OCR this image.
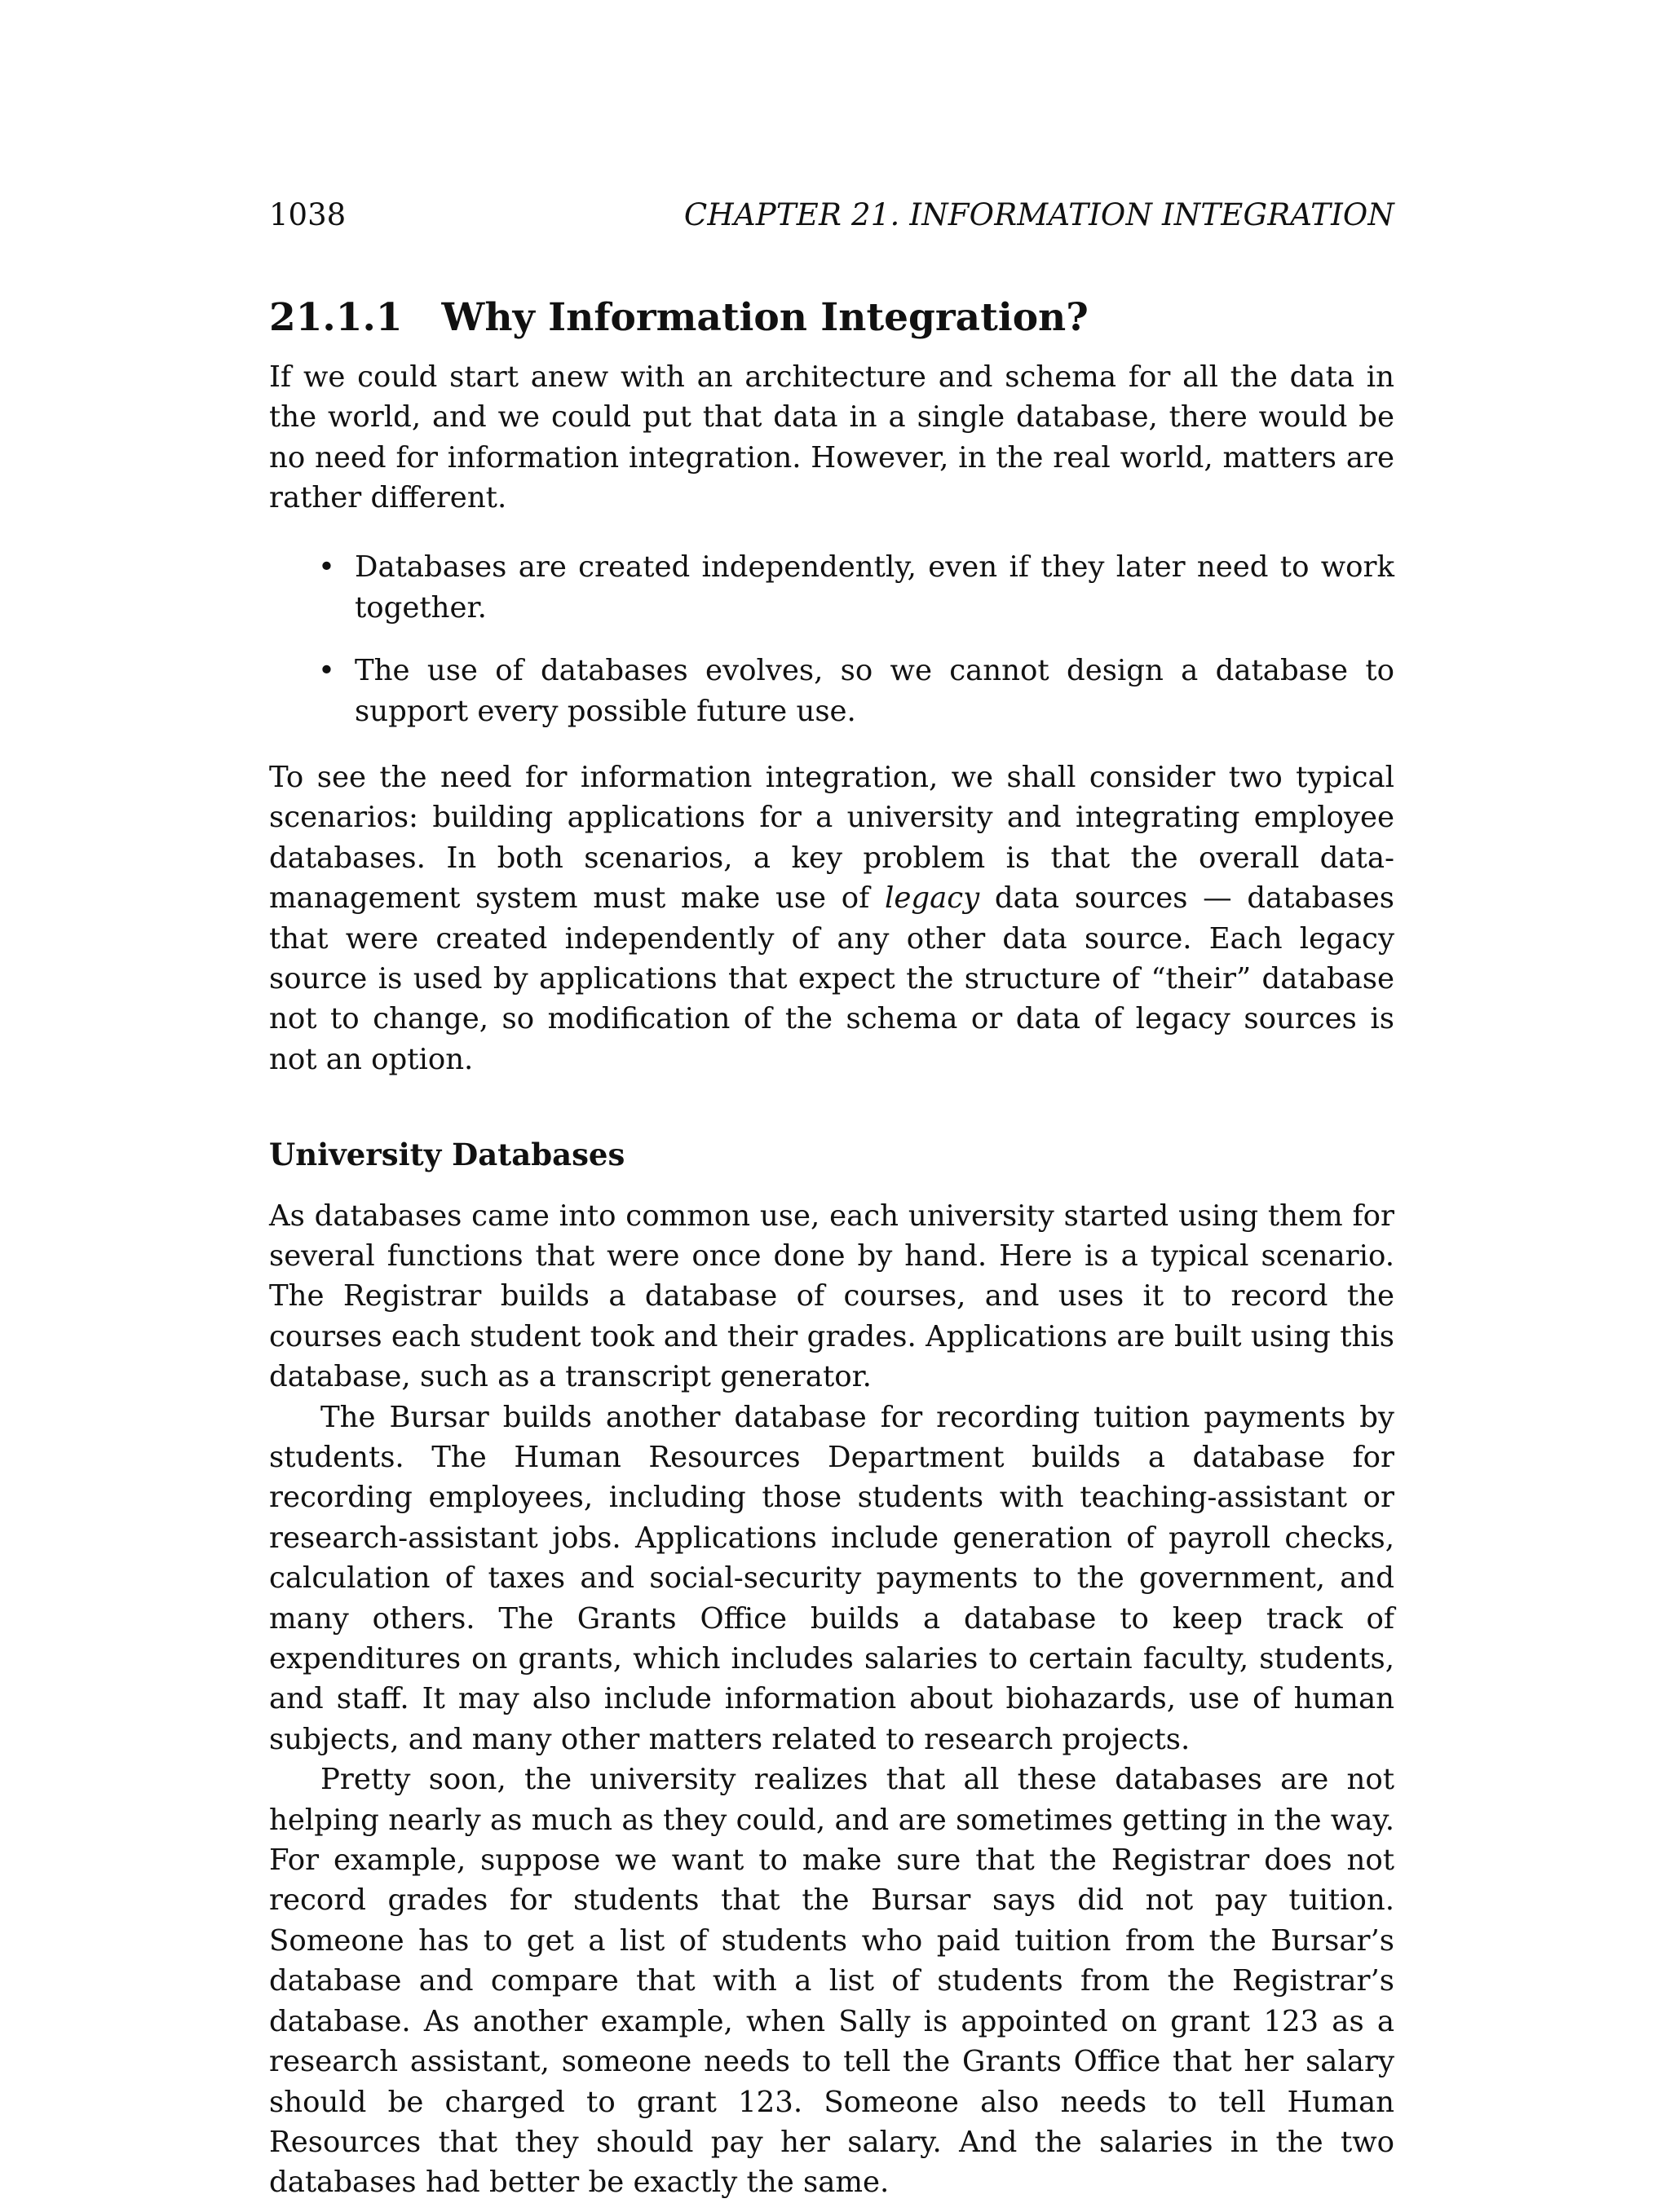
1038	CHAPTER 21. INFORMATION INTEGRATION
21.1.1 Why Information Integration?

If we could start anew with an architecture and schema for all the data in the world, and we could put that data in a single database, there would be no need for information integration. However, in the real world, matters are rather different.

• Databases are created independently, even if they later need to work together.
• The use of databases evolves, so we cannot design a database to support every possible future use.

To see the need for information integration, we shall consider two typical scenarios: building applications for a university and integrating employee databases. In both scenarios, a key problem is that the overall data-management system must make use of legacy data sources — databases that were created independently of any other data source. Each legacy source is used by applications that expect the structure of “their” database not to change, so modification of the schema or data of legacy sources is not an option.

University Databases

As databases came into common use, each university started using them for several functions that were once done by hand. Here is a typical scenario. The Registrar builds a database of courses, and uses it to record the courses each student took and their grades. Applications are built using this database, such as a transcript generator.

The Bursar builds another database for recording tuition payments by students. The Human Resources Department builds a database for recording employees, including those students with teaching-assistant or research-assistant jobs. Applications include generation of payroll checks, calculation of taxes and social-security payments to the government, and many others. The Grants Office builds a database to keep track of expenditures on grants, which includes salaries to certain faculty, students, and staff. It may also include information about biohazards, use of human subjects, and many other matters related to research projects.

Pretty soon, the university realizes that all these databases are not helping nearly as much as they could, and are sometimes getting in the way. For example, suppose we want to make sure that the Registrar does not record grades for students that the Bursar says did not pay tuition. Someone has to get a list of students who paid tuition from the Bursar’s database and compare that with a list of students from the Registrar’s database. As another example, when Sally is appointed on grant 123 as a research assistant, someone needs to tell the Grants Office that her salary should be charged to grant 123. Someone also needs to tell Human Resources that they should pay her salary. And the salaries in the two databases had better be exactly the same.
